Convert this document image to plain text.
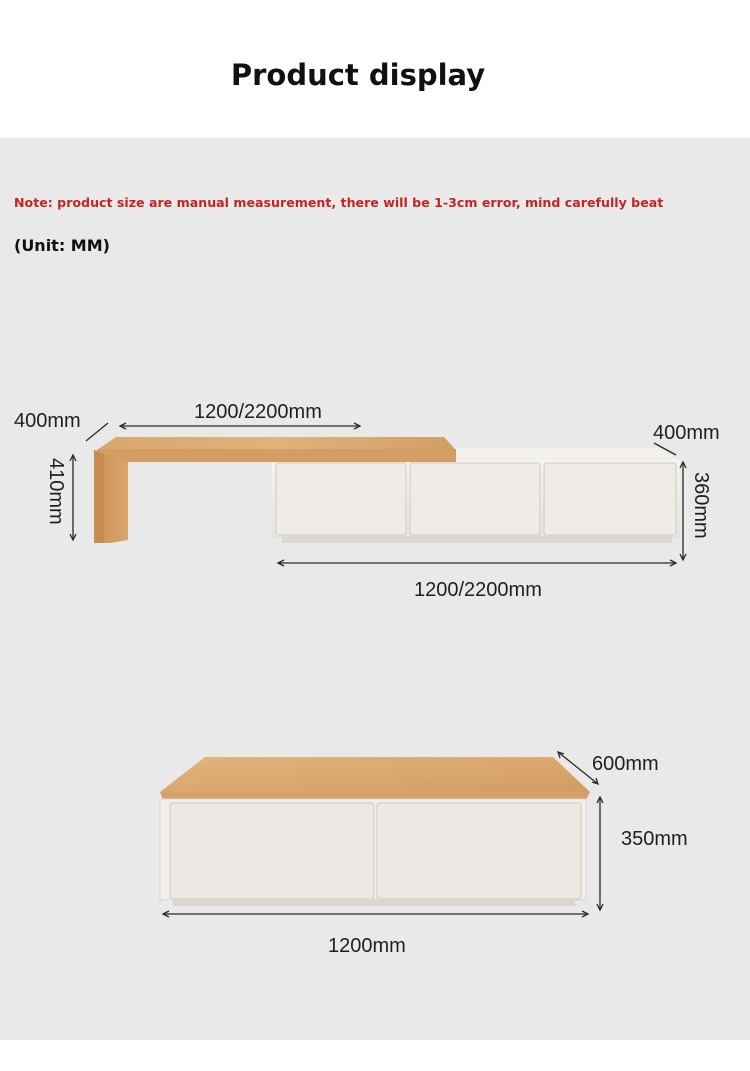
Product display
Note: product size are manual measurement, there will be 1-3cm error, mind carefully beat
(Unit: MM)
400mm	1200/2200mm
410mm
400mm
360mm
1200/2200mm
600mm
350mm
1200mm
